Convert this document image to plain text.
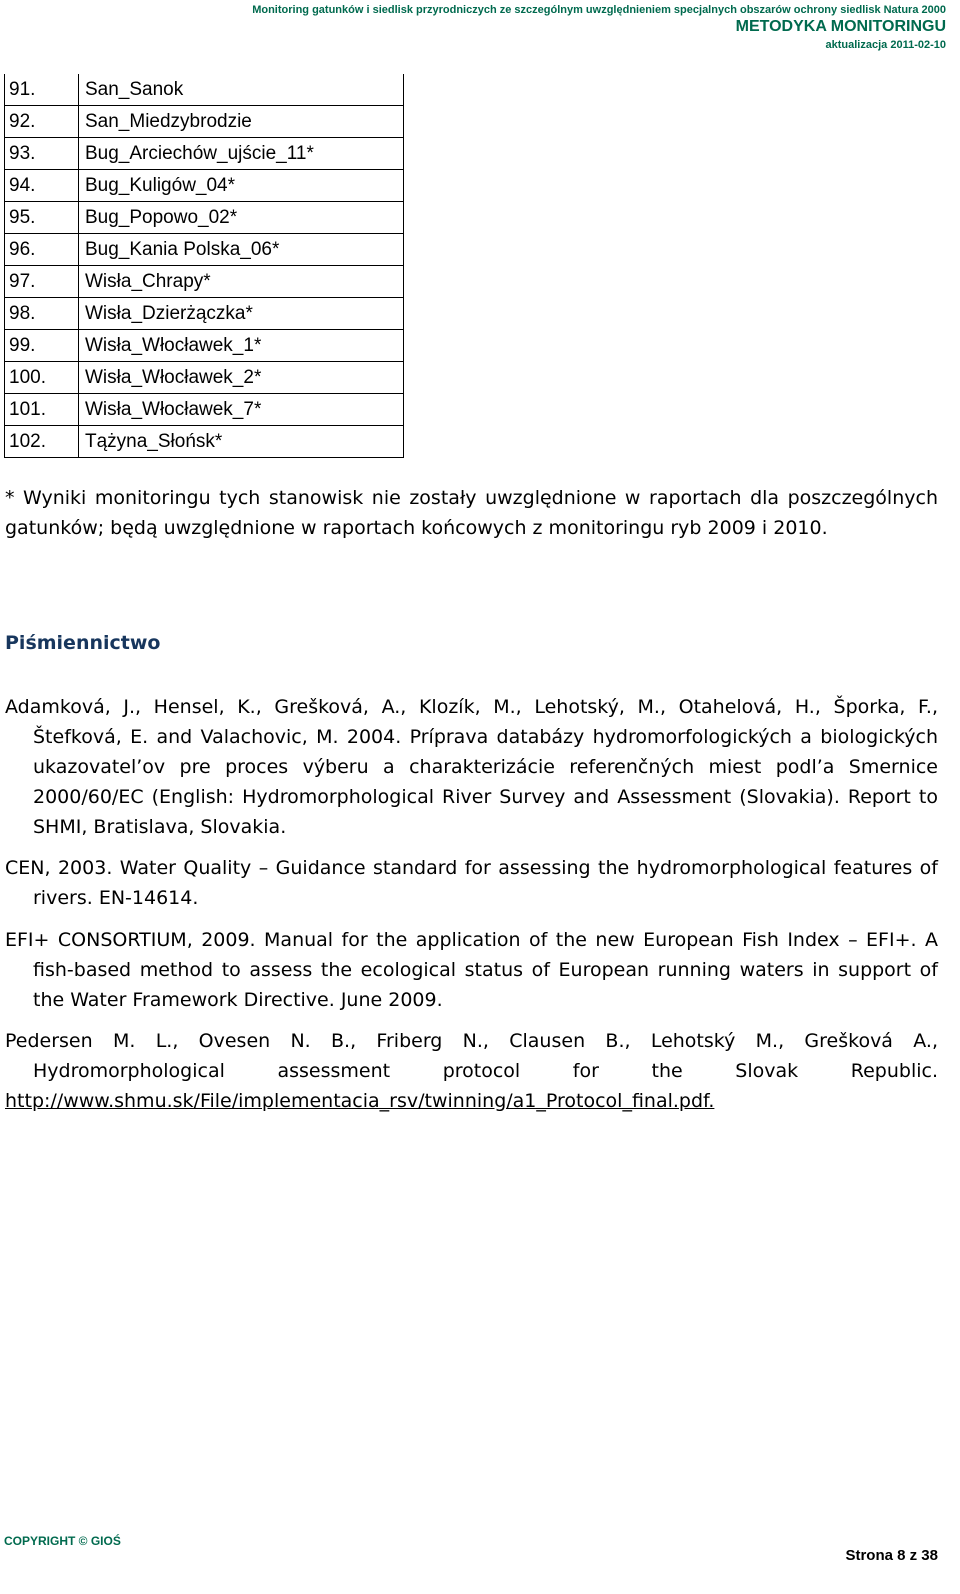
Monitoring gatunków i siedlisk przyrodniczych ze szczególnym uwzględnieniem specjalnych obszarów ochrony siedlisk Natura 2000
METODYKA MONITORINGU
aktualizacja 2011-02-10
91.	San_Sanok
92.	San_Miedzybrodzie
93.	Bug_Arciechów_ujście_11*
94.	Bug_Kuligów_04*
95.	Bug_Popowo_02*
96.	Bug_Kania Polska_06*
97.	Wisła_Chrapy*
98.	Wisła_Dzierżączka*
99.	Wisła_Włocławek_1*
100.	Wisła_Włocławek_2*
101.	Wisła_Włocławek_7*
102.	Tążyna_Słońsk*
* Wyniki monitoringu tych stanowisk nie zostały uwzględnione w raportach dla poszczególnych gatunków; będą uwzględnione w raportach końcowych z monitoringu ryb 2009 i 2010.
Piśmiennictwo
Adamková, J., Hensel, K., Grešková, A., Klozík, M., Lehotský, M., Otahelová, H., Šporka, F., Štefková, E. and Valachovic, M. 2004. Príprava databázy hydromorfologických a biologických ukazovatel’ov pre proces výberu a charakterizácie referenčných miest podl’a Smernice 2000/60/EC (English: Hydromorphological River Survey and Assessment (Slovakia). Report to SHMI, Bratislava, Slovakia.
CEN, 2003. Water Quality – Guidance standard for assessing the hydromorphological features of rivers. EN-14614.
EFI+ CONSORTIUM, 2009. Manual for the application of the new European Fish Index – EFI+. A fish-based method to assess the ecological status of European running waters in support of the Water Framework Directive. June 2009.
Pedersen M. L., Ovesen N. B., Friberg N., Clausen B., Lehotský M., Grešková A., Hydromorphological assessment protocol for the Slovak Republic.
http://www.shmu.sk/File/implementacia_rsv/twinning/a1_Protocol_final.pdf.
COPYRIGHT © GIOŚ
Strona 8 z 38
